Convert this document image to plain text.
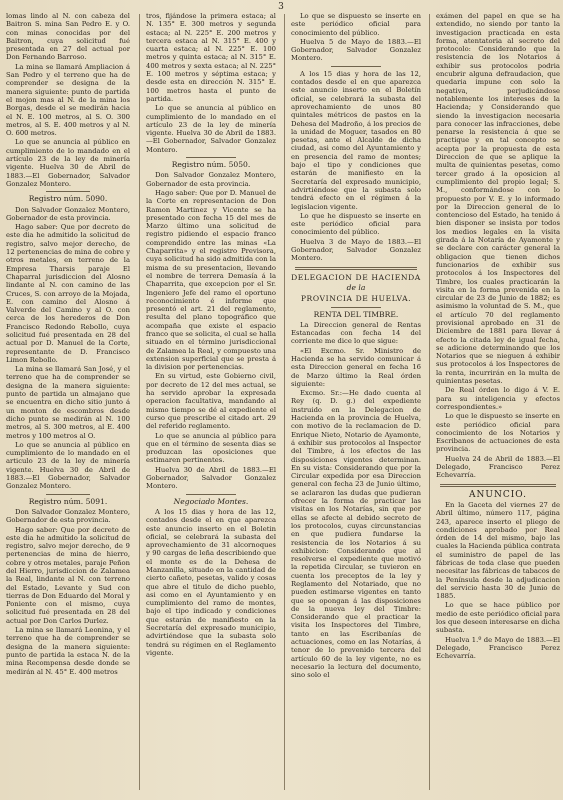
3

lomas lindo al N. con cabeza del Baitron S. mina San Pedro E. y O. con minas conocidas por del Baitron, cuya solicitud fué presentada en 27 del actual por Don Fernando Barroso.

La mina se llamará Ampliacion á San Pedro y el terreno que ha de comprender se designa de la manera siguiente: punto de partida el mojon mas al N. de la mina los Borgas, desde el se medirán hacia el N. E. 100 metros, al S. O. 300 metros, al S. E. 400 metros y al N. O. 600 metros.

Lo que se anuncia al público en cumplimiento de lo mandado en el artículo 23 de la ley de minería vigente. Huelva 30 de Abril de 1883.—El Gobernador, Salvador Gonzalez Montero.

Registro núm. 5090.

Don Salvador Gonzalez Montero, Gobernador de esta provincia.

Hago saber: Que por decreto de este dia he admitido la solicitud de registro, salvo mejor derecho, de 12 pertenencias de mina de cobre y otros metales, en terreno de la Empresa Tharsis paraje El Chaparral jurisdiccion del Alosno lindante al N. con camino de las Cruces, S. con arroyo de la Mojada, E. con camino del Alosno á Valverde del Camino y al O. con cerca de los herederos de Don Francisco Redondo Rebollo, cuya solicitud fué presentada en 28 del actual por D. Manuel de la Corte, representante de D. Francisco Limon Rebollo.

La mina se llamará San José, y el terreno que ha de comprender se designa de la manera siguiente: punto de partida un almajano que se encuentra en dicho sitio junto á un monton de escombros desde dicho punto se medirán al N. 100 metros, al S. 300 metros, al E. 400 metros y 100 metros al O.

Lo que se anuncia al público en cumplimiento de lo mandado en el articulo 23 de la ley de minería vigente. Huelva 30 de Abril de 1883.—El Gobernador, Salvador Gonzalez Montero.

Registro núm. 5091.

Don Salvador Gonzalez Montero, Gobernador de esta provincia.

Hago saber: Que por decreto de este dia he admitido la solicitud de registro, salvo mejor derecho, de 9 pertenencias de mina de hierro, cobre y otros metales, paraje Peñon del Hierro, jurisdiccion de Zalamea la Real, lindante al N. con terreno del Estado, Levante y Sud con tierras de Don Eduardo del Moral y Poniente con el mismo, cuya solicitud fué presentada en 28 del actual por Don Carlos Durlez.

La mina se llamará Leonina, y el terreno que ha de comprender se designa de la manera siguiente: punto de partida la estaca N. de la mina Recompensa desde donde se medirán al N. 45° E. 400 metros

tros, fijándose la primera estaca; al N. 135° E. 300 metros y segunda estaca; al N. 225° E. 200 metros y tercera estaca al N. 315° E. 400 y cuarta estaca; al N. 225° E. 100 metros y quinta estaca; al N. 315° E. 400 metros y sexta estaca; al N. 225° E. 100 metros y séptima estaca; y desde esta en dirección N. 315° E. 100 metros hasta el punto de partida.

Lo que se anuncia al público en cumplimiento de lo mandado en el artículo 23 de la ley de minería vigente. Huelva 30 de Abril de 1883.—El Gobernador, Salvador Gonzalez Montero.

Registro núm. 5050.

Don Salvador Gonzalez Montero, Gobernador de esta provincia.

Hago saber: Que por D. Manuel de la Corte en representacion de Don Ramon Martinez y Vicente se ha presentado con fecha 15 del mes de Marzo último una solicitud de registro pidiendo el espacio franco comprendido entre las minas «La Chaparrita» y el registro Previsora, cuya solicitud ha sido admitida con la misma de su presentacion, llevando el nombre de terrera Demasía á la Chaparrita, que excepcion por el Sr. Ingeniero Jefe del ramo el oportuno reconocimiento é informe que presentó el art. 21 del reglamento, resulta del plano topográfico que acompaña que existe el espacio franco que se solicita, el cual se halla situado en el término jurisdiccional de Zalamea la Real, y compuesto una extension superficial que se presta á la division por pertenencias.

En su virtud, este Gobierno civil, por decreto de 12 del mes actual, se ha servido aprobar la expresada operacion facultativa, mandando al mismo tiempo se dé al expediente el curso que prescribe el citado art. 29 del referido reglamento.

Lo que se anuncia al público para que en el término de sesenta dias se produzcan las oposiciones que estimaren pertinentes.

Huelva 30 de Abril de 1883.—El Gobernador, Salvador Gonzalez Montero.

Negociado Montes.

A los 15 dias y hora de las 12, contados desde el en que aparezca este anuncio inserto en el Boletin oficial, se celebrará la subasta del aprovechamiento de 31 alcornoques y 90 cargas de leña describiendo que el monte es de la Dehesa de Manzanilla, situado en la cantidad de cierto cañeto, pesetas, valido y cosas que abre el titulo de dicho pueblo, asi como en el Ayuntamiento y en cumplimiento del ramo de montes, bajo el tipo indicado y condiciones que estarán de manifiesto en la Secretaría del expresado municipio, advirtiéndose que la subasta solo tendrá su régimen en el Reglamento vigente.

Lo que se dispuesto se inserte en este periódico oficial para conocimiento del público.

Huelva 5 de Mayo de 1883.—El Gobernador, Salvador Gonzalez Montero.

A los 15 dias y hora de las 12, contados desde el en que aparezca este anuncio inserto en el Boletín oficial, se celebrará la subasta del aprovechamiento de unos 80 quintales métricos de pastos en la Dehesa del Madroño, á los precios de la unidad de Moguer, tasados en 80 pesetas, ante el Alcalde de dicha ciudad, asi como del Ayuntamiento y en presencia del ramo de montes; bajo el tipo y condiciones que estarán de manifiesto en la Secretaría del expresado municipio, advirtiéndose que la subasta solo tendrá efecto en el régimen á la legislacion vigente.

Lo que he dispuesto se inserte en este periódico oficial para conocimiento del público.

Huelva 3 de Mayo de 1883.—El Gobernador, Salvador Gonzalez Montero.

DELEGACION DE HACIENDA
de la
PROVINCIA DE HUELVA.
RENTA DEL TIMBRE.

La Direccion general de Rentas Estancadas con fecha 14 del corriente me dice lo que sigue:

«El Excmo. Sr. Ministro de Hacienda se ha servido comunicar á esta Direccion general en fecha 16 de Marzo último la Real órden siguiente:

Excmo. Sr.:—He dado cuenta al Rey (q. D. g.) del expediente instruido en la Delegacion de Hacienda en la provincia de Huelva, con motivo de la reclamacion de D. Enrique Nieto, Notario de Ayamonte, á exhibir sus protocolos al Inspector del Timbre, á los efectos de las disposiciones vigentes determinan. En su vista: Considerando que por la Circular expedida por esa Direccion general con fecha 23 de Junio último, se aclararon las dudas que pudieran ofrecer la forma de practicar las visitas en los Notarías, sin que por ellas se afecte al debido secreto de los protocolos, cuyas circunstancias en que pudiera fundarse la resistencia de los Notarios á su exhibicion: Considerando que al resolverse el expediente que motivó la repetida Circular, se tuvieron en cuenta los preceptos de la ley y Reglamento del Notariado, que no pueden estimarse vigentes en tanto que se opongan á las disposiciones de la nueva ley del Timbre: Considerando que el practicar la visita los Inspectores del Timbre, tanto en las Escribanías de actuaciones, como en las Notarías, á tenor de lo prevenido tercera del artículo 60 de la ley vigente, no es necesario la lectura del documento, sino solo el

exámen del papel en que se ha extendido, no siendo por tanto la investigacion practicada en esta forma, atentatoria al secreto del protocolo: Considerando que la resistencia de los Notarios á exhibir sus protocolos podria encubrir alguna defraudacion, que quedaria impune con solo la negativa, perjudicándose notablemente los intereses de la Hacienda; y Considerando que siendo la investigacion necesaria para conocer las infracciones, debe penarse la resistencia á que se practique y en tal concepto se acepta por la propuesta de esta Direccion de que se aplique la multa de quinientas pesetas, como tercer grado á la oposicion al cumplimiento del propio legal; S. M., conformándose con lo propuesto por V. E. y lo informado por la Direccion general de lo contencioso del Estado, ha tenido á bien disponer se insista por todos los medios legales en la visita girada á la Notaría de Ayamonte y se declare con carácter general la obligacion que tienen dichos funcionarios de exhibir sus protocolos á los Inspectores del Timbre, los cuales practicarán la visita en la forma prevenida en la circular de 23 de Junio de 1882; es asimismo la voluntad de S. M., que el artículo 70 del reglamento provisional aprobado en 31 de Diciembre de 1881 para llevar á efecto la citada ley de igual fecha, se adicione determinando que los Notarios que se nieguen á exhibir sus protocolos á los Inspectores de la renta, incurrirán en la multa de quinientas pesetas.

De Real órden lo digo á V. E. para su inteligencia y efectos correspondientes.»

Lo que le dispuesto se inserte en este periódico oficial para conocimiento de los Notarios y Escribanos de actuaciones de esta provincia.

Huelva 24 de Abril de 1883.—El Delegado, Francisco Perez Echevarría.

ANUNCIO.

En la Gaceta del viernes 27 de Abril último, número 117, página 243, aparece inserto el pliego de condiciones aprobado por Real órden de 14 del mismo, bajo las cuales la Hacienda pública contrata el suministro de papel de las fábricas de toda clase que pueden necesitar las fábricas de tabacos de la Península desde la adjudicacion del servicio hasta 30 de Junio de 1885.

Lo que se hace público por medio de este periódico oficial para los que deseen interesarse en dicha subasta.

Huelva 1.º de Mayo de 1883.—El Delegado, Francisco Perez Echevarría.
